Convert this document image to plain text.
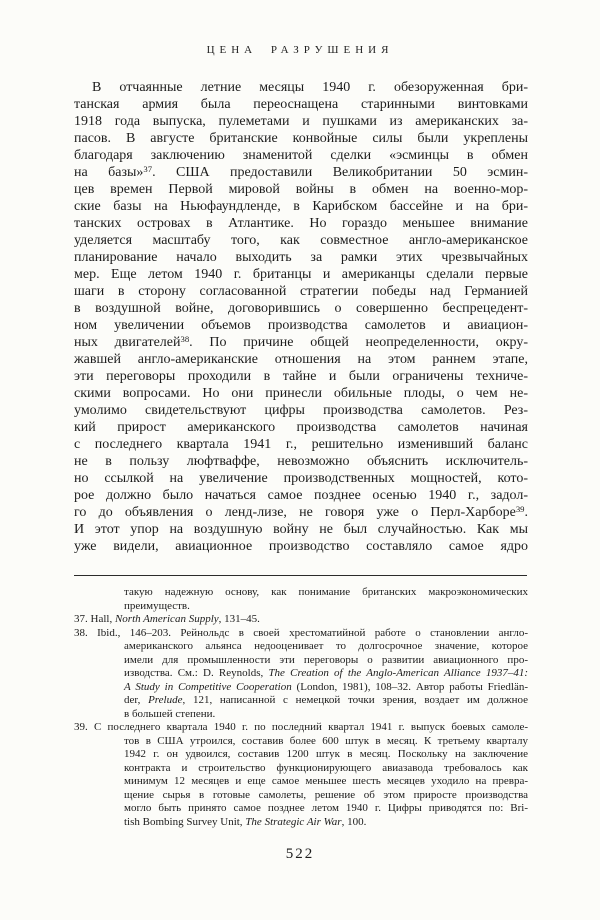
ЦЕНА РАЗРУШЕНИЯ
В отчаянные летние месяцы 1940 г. обезоруженная бри-
танская армия была переоснащена старинными винтовками
1918 года выпуска, пулеметами и пушками из американских за-
пасов. В августе британские конвойные силы были укреплены
благодаря заключению знаменитой сделки «эсминцы в обмен
на базы»$^{37}$. США предоставили Великобритании 50 эсмин-
цев времен Первой мировой войны в обмен на военно-мор-
ские базы на Ньюфаундленде, в Карибском бассейне и на бри-
танских островах в Атлантике. Но гораздо меньшее внимание
уделяется масштабу того, как совместное англо-американское
планирование начало выходить за рамки этих чрезвычайных
мер. Еще летом 1940 г. британцы и американцы сделали первые
шаги в сторону согласованной стратегии победы над Германией
в воздушной войне, договорившись о совершенно беспрецедент-
ном увеличении объемов производства самолетов и авиацион-
ных двигателей$^{38}$. По причине общей неопределенности, окру-
жавшей англо-американские отношения на этом раннем этапе,
эти переговоры проходили в тайне и были ограничены техниче-
скими вопросами. Но они принесли обильные плоды, о чем не-
умолимо свидетельствуют цифры производства самолетов. Рез-
кий прирост американского производства самолетов начиная
с последнего квартала 1941 г., решительно изменивший баланс
не в пользу люфтваффе, невозможно объяснить исключитель-
но ссылкой на увеличение производственных мощностей, кото-
рое должно было начаться самое позднее осенью 1940 г., задол-
го до объявления о ленд-лизе, не говоря уже о Перл-Харборе$^{39}$.
И этот упор на воздушную войну не был случайностью. Как мы
уже видели, авиационное производство составляло самое ядро
такую надежную основу, как понимание британских макроэкономических
преимуществ.
37. Hall, North American Supply, 131–45.
38. Ibid., 146–203. Рейнольдс в своей хрестоматийной работе о становлении англо-
американского альянса недооценивает то долгосрочное значение, которое
имели для промышленности эти переговоры о развитии авиационного про-
изводства. См.: D. Reynolds, The Creation of the Anglo-American Alliance 1937–41:
A Study in Competitive Cooperation (London, 1981), 108–32. Автор работы Friedlän-
der, Prelude, 121, написанной с немецкой точки зрения, воздает им должное
в большей степени.
39. С последнего квартала 1940 г. по последний квартал 1941 г. выпуск боевых самоле-
тов в США утроился, составив более 600 штук в месяц. К третьему кварталу
1942 г. он удвоился, составив 1200 штук в месяц. Поскольку на заключение
контракта и строительство функционирующего авиазавода требовалось как
минимум 12 месяцев и еще самое меньшее шесть месяцев уходило на превра-
щение сырья в готовые самолеты, решение об этом приросте производства
могло быть принято самое позднее летом 1940 г. Цифры приводятся по: Bri-
tish Bombing Survey Unit, The Strategic Air War, 100.
522
